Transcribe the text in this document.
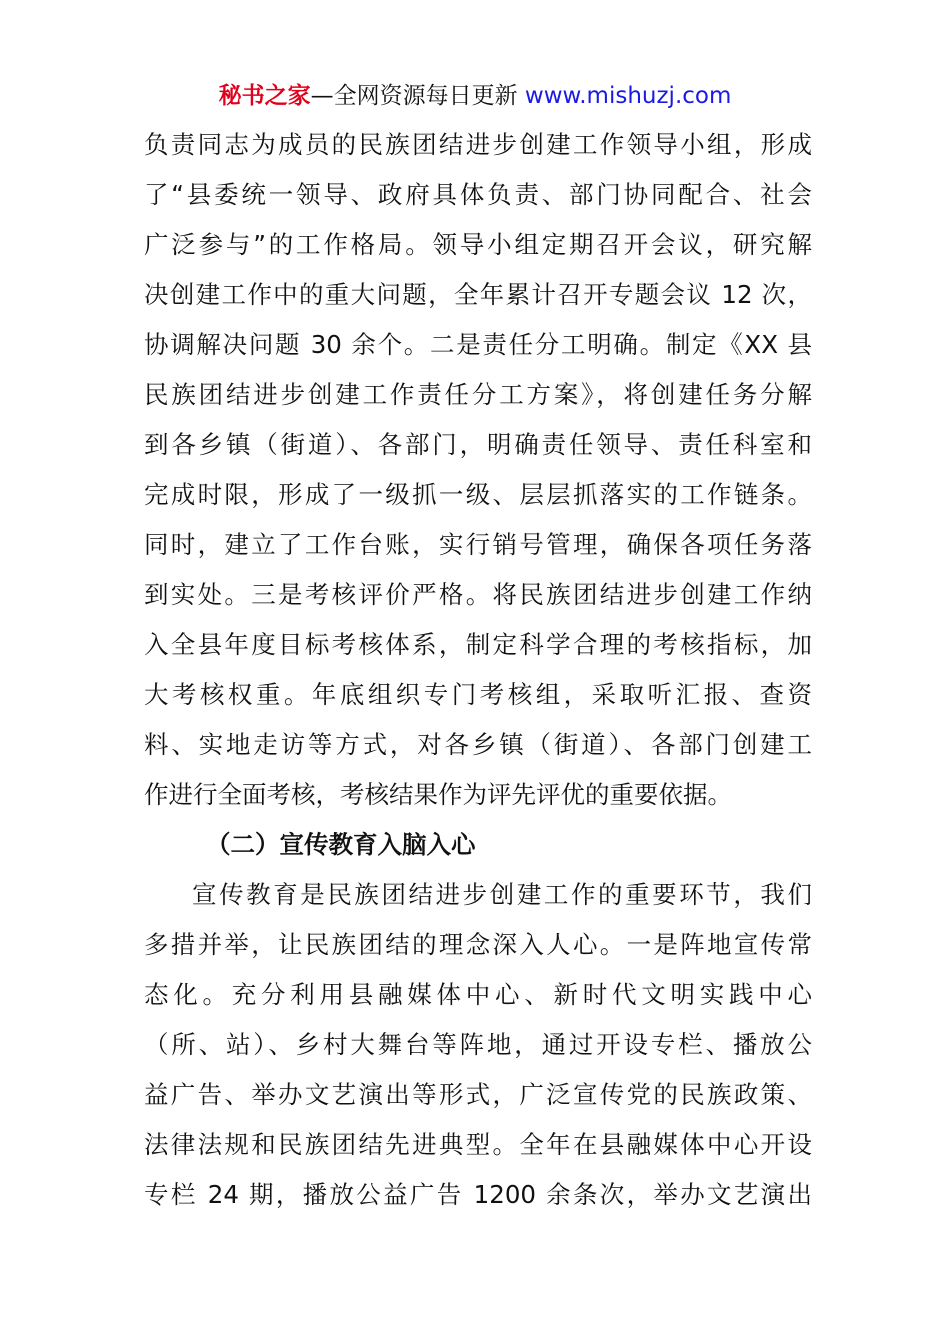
秘书之家—全网资源每日更新 www.mishuzj.com
负责同志为成员的民族团结进步创建工作领导小组，形成
了“县委统一领导、政府具体负责、部门协同配合、社会
广泛参与”的工作格局。领导小组定期召开会议，研究解
决创建工作中的重大问题，全年累计召开专题会议 12 次，
协调解决问题 30 余个。二是责任分工明确。制定《XX 县
民族团结进步创建工作责任分工方案》，将创建任务分解
到各乡镇（街道）、各部门，明确责任领导、责任科室和
完成时限，形成了一级抓一级、层层抓落实的工作链条。
同时，建立了工作台账，实行销号管理，确保各项任务落
到实处。三是考核评价严格。将民族团结进步创建工作纳
入全县年度目标考核体系，制定科学合理的考核指标，加
大考核权重。年底组织专门考核组，采取听汇报、查资
料、实地走访等方式，对各乡镇（街道）、各部门创建工
作进行全面考核，考核结果作为评先评优的重要依据。
（二）宣传教育入脑入心
宣传教育是民族团结进步创建工作的重要环节，我们
多措并举，让民族团结的理念深入人心。一是阵地宣传常
态化。充分利用县融媒体中心、新时代文明实践中心
（所、站）、乡村大舞台等阵地，通过开设专栏、播放公
益广告、举办文艺演出等形式，广泛宣传党的民族政策、
法律法规和民族团结先进典型。全年在县融媒体中心开设
专栏 24 期，播放公益广告 1200 余条次，举办文艺演出
